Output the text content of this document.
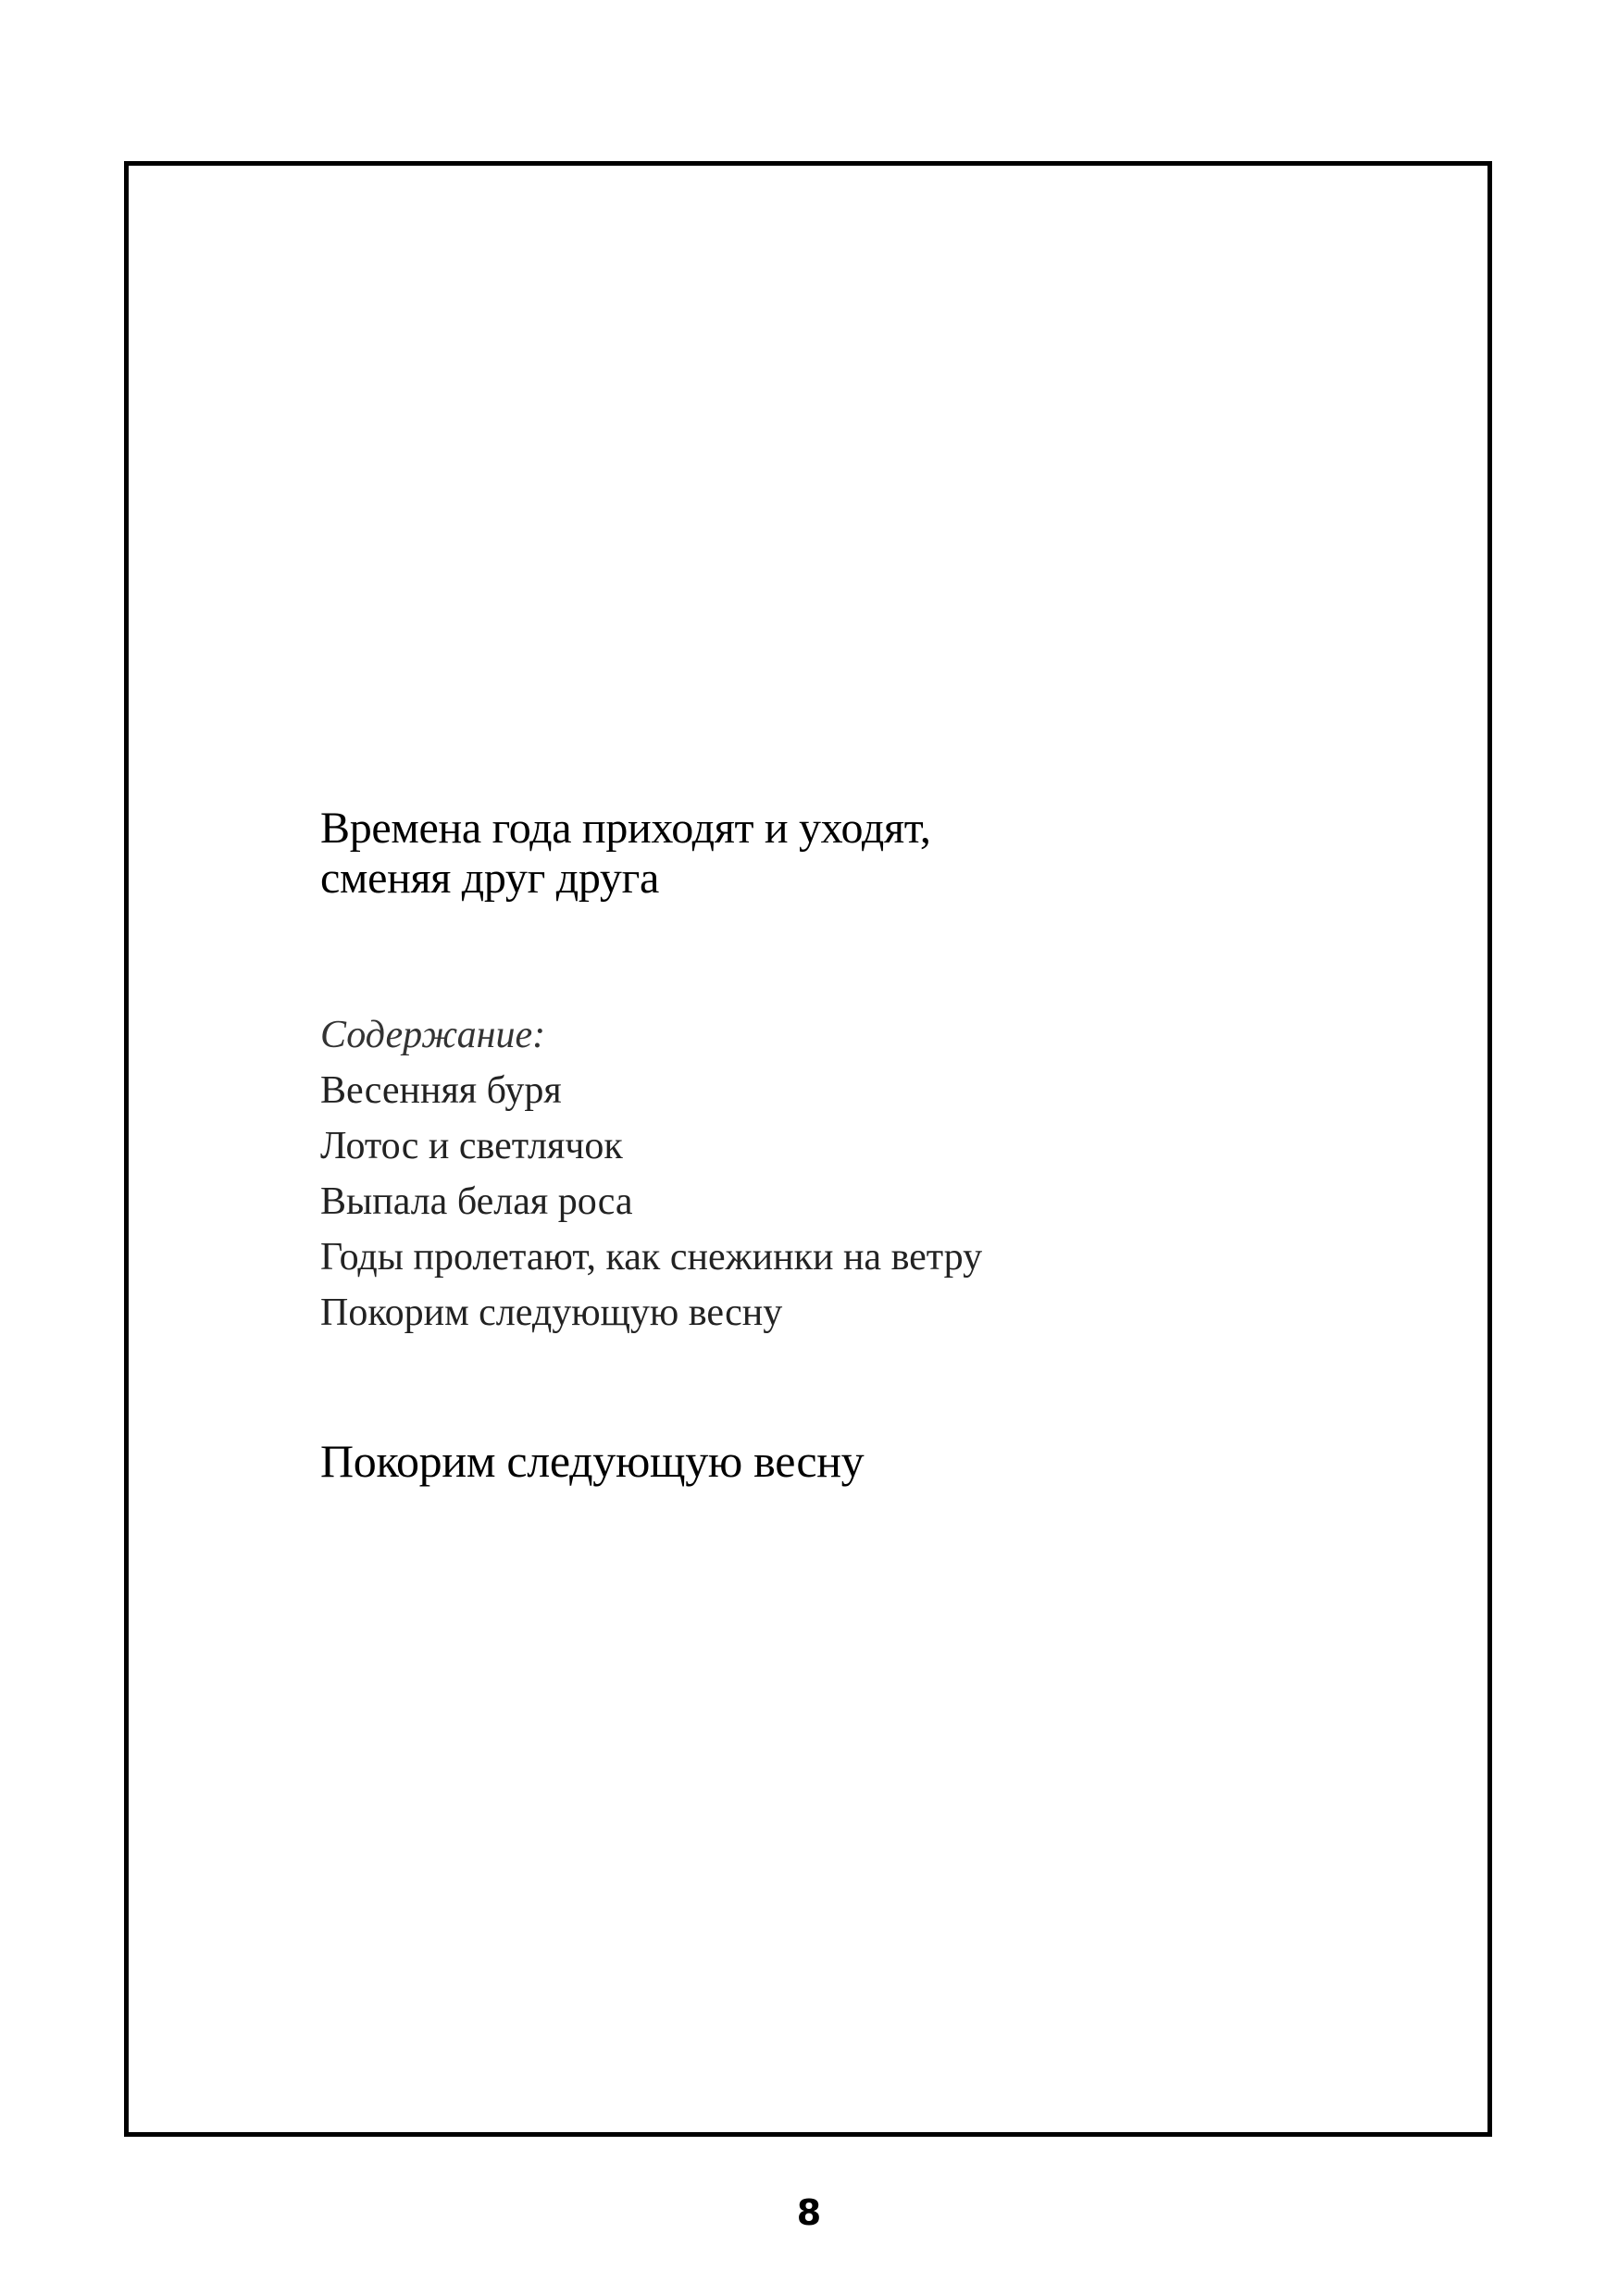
Времена года приходят и уходят,
сменяя друг друга
Содержание:
Весенняя буря
Лотос и светлячок
Выпала белая роса
Годы пролетают, как снежинки на ветру
Покорим следующую весну
Покорим следующую весну
8
